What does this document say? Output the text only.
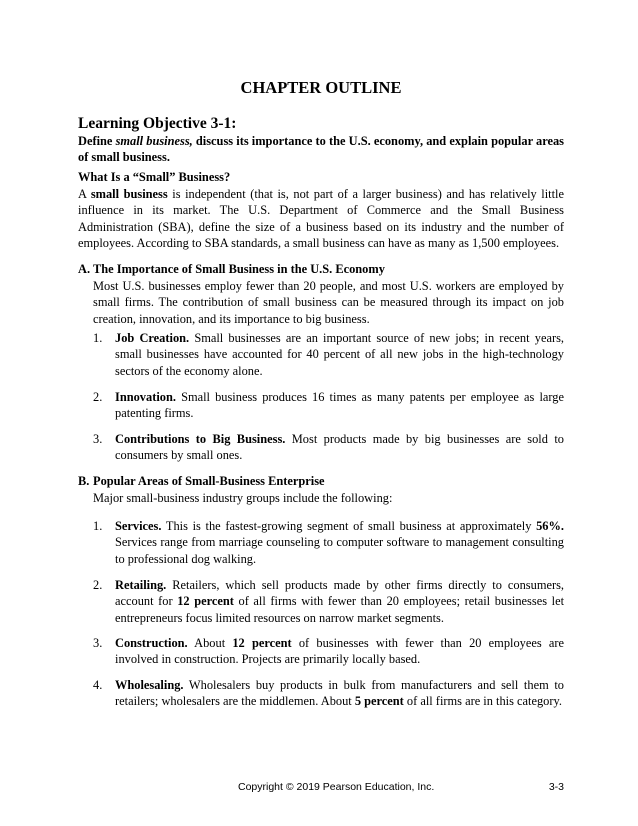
CHAPTER OUTLINE
Learning Objective 3-1:
Define small business, discuss its importance to the U.S. economy, and explain popular areas of small business.
What Is a “Small” Business?
A small business is independent (that is, not part of a larger business) and has relatively little influence in its market. The U.S. Department of Commerce and the Small Business Administration (SBA), define the size of a business based on its industry and the number of employees. According to SBA standards, a small business can have as many as 1,500 employees.
A. The Importance of Small Business in the U.S. Economy
Most U.S. businesses employ fewer than 20 people, and most U.S. workers are employed by small firms. The contribution of small business can be measured through its impact on job creation, innovation, and its importance to big business.
1.	Job Creation. Small businesses are an important source of new jobs; in recent years, small businesses have accounted for 40 percent of all new jobs in the high-technology sectors of the economy alone.
2.	Innovation. Small business produces 16 times as many patents per employee as large patenting firms.
3.	Contributions to Big Business. Most products made by big businesses are sold to consumers by small ones.
B. Popular Areas of Small-Business Enterprise
Major small-business industry groups include the following:
1.	Services. This is the fastest-growing segment of small business at approximately 56%. Services range from marriage counseling to computer software to management consulting to professional dog walking.
2.	Retailing. Retailers, which sell products made by other firms directly to consumers, account for 12 percent of all firms with fewer than 20 employees; retail businesses let entrepreneurs focus limited resources on narrow market segments.
3.	Construction. About 12 percent of businesses with fewer than 20 employees are involved in construction. Projects are primarily locally based.
4.	Wholesaling. Wholesalers buy products in bulk from manufacturers and sell them to retailers; wholesalers are the middlemen. About 5 percent of all firms are in this category.
Copyright © 2019 Pearson Education, Inc.	3-3
